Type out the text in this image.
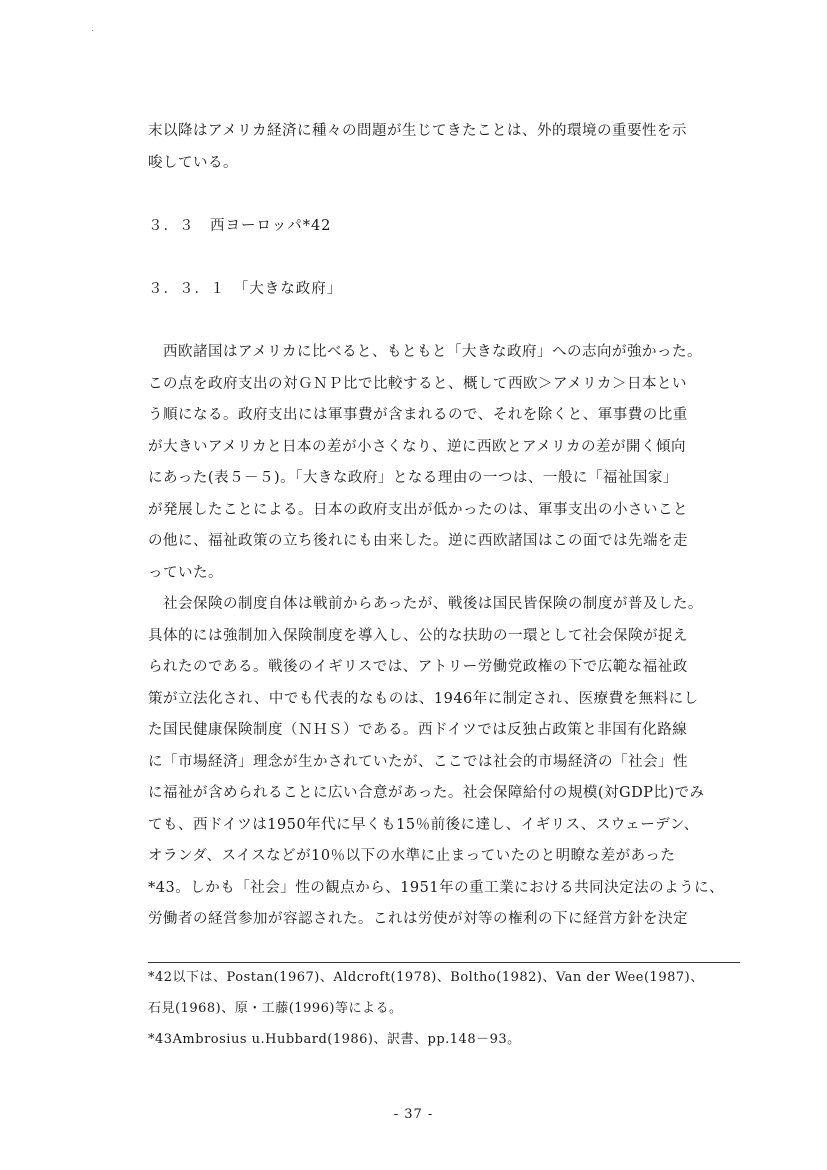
末以降はアメリカ経済に種々の問題が生じてきたことは、外的環境の重要性を示
唆している。
３．３　西ヨーロッパ*42
３．３．１　「大きな政府」
　西欧諸国はアメリカに比べると、もともと「大きな政府」への志向が強かった。
この点を政府支出の対ＧＮＰ比で比較すると、概して西欧＞アメリカ＞日本とい
う順になる。政府支出には軍事費が含まれるので、それを除くと、軍事費の比重
が大きいアメリカと日本の差が小さくなり、逆に西欧とアメリカの差が開く傾向
にあった(表５－５)。「大きな政府」となる理由の一つは、一般に「福祉国家」
が発展したことによる。日本の政府支出が低かったのは、軍事支出の小さいこと
の他に、福祉政策の立ち後れにも由来した。逆に西欧諸国はこの面では先端を走
っていた。
　社会保険の制度自体は戦前からあったが、戦後は国民皆保険の制度が普及した。
具体的には強制加入保険制度を導入し、公的な扶助の一環として社会保険が捉え
られたのである。戦後のイギリスでは、アトリー労働党政権の下で広範な福祉政
策が立法化され、中でも代表的なものは、1946年に制定され、医療費を無料にし
た国民健康保険制度（ＮＨＳ）である。西ドイツでは反独占政策と非国有化路線
に「市場経済」理念が生かされていたが、ここでは社会的市場経済の「社会」性
に福祉が含められることに広い合意があった。社会保障給付の規模(対GDP比)でみ
ても、西ドイツは1950年代に早くも15％前後に達し、イギリス、スウェーデン、
オランダ、スイスなどが10％以下の水準に止まっていたのと明瞭な差があった
*43。しかも「社会」性の観点から、1951年の重工業における共同決定法のように、
労働者の経営参加が容認された。これは労使が対等の権利の下に経営方針を決定
*42以下は、Postan(1967)、Aldcroft(1978)、Boltho(1982)、Van der Wee(1987)、
石見(1968)、原・工藤(1996)等による。
*43Ambrosius u.Hubbard(1986)、訳書、pp.148－93。
- 37 -
